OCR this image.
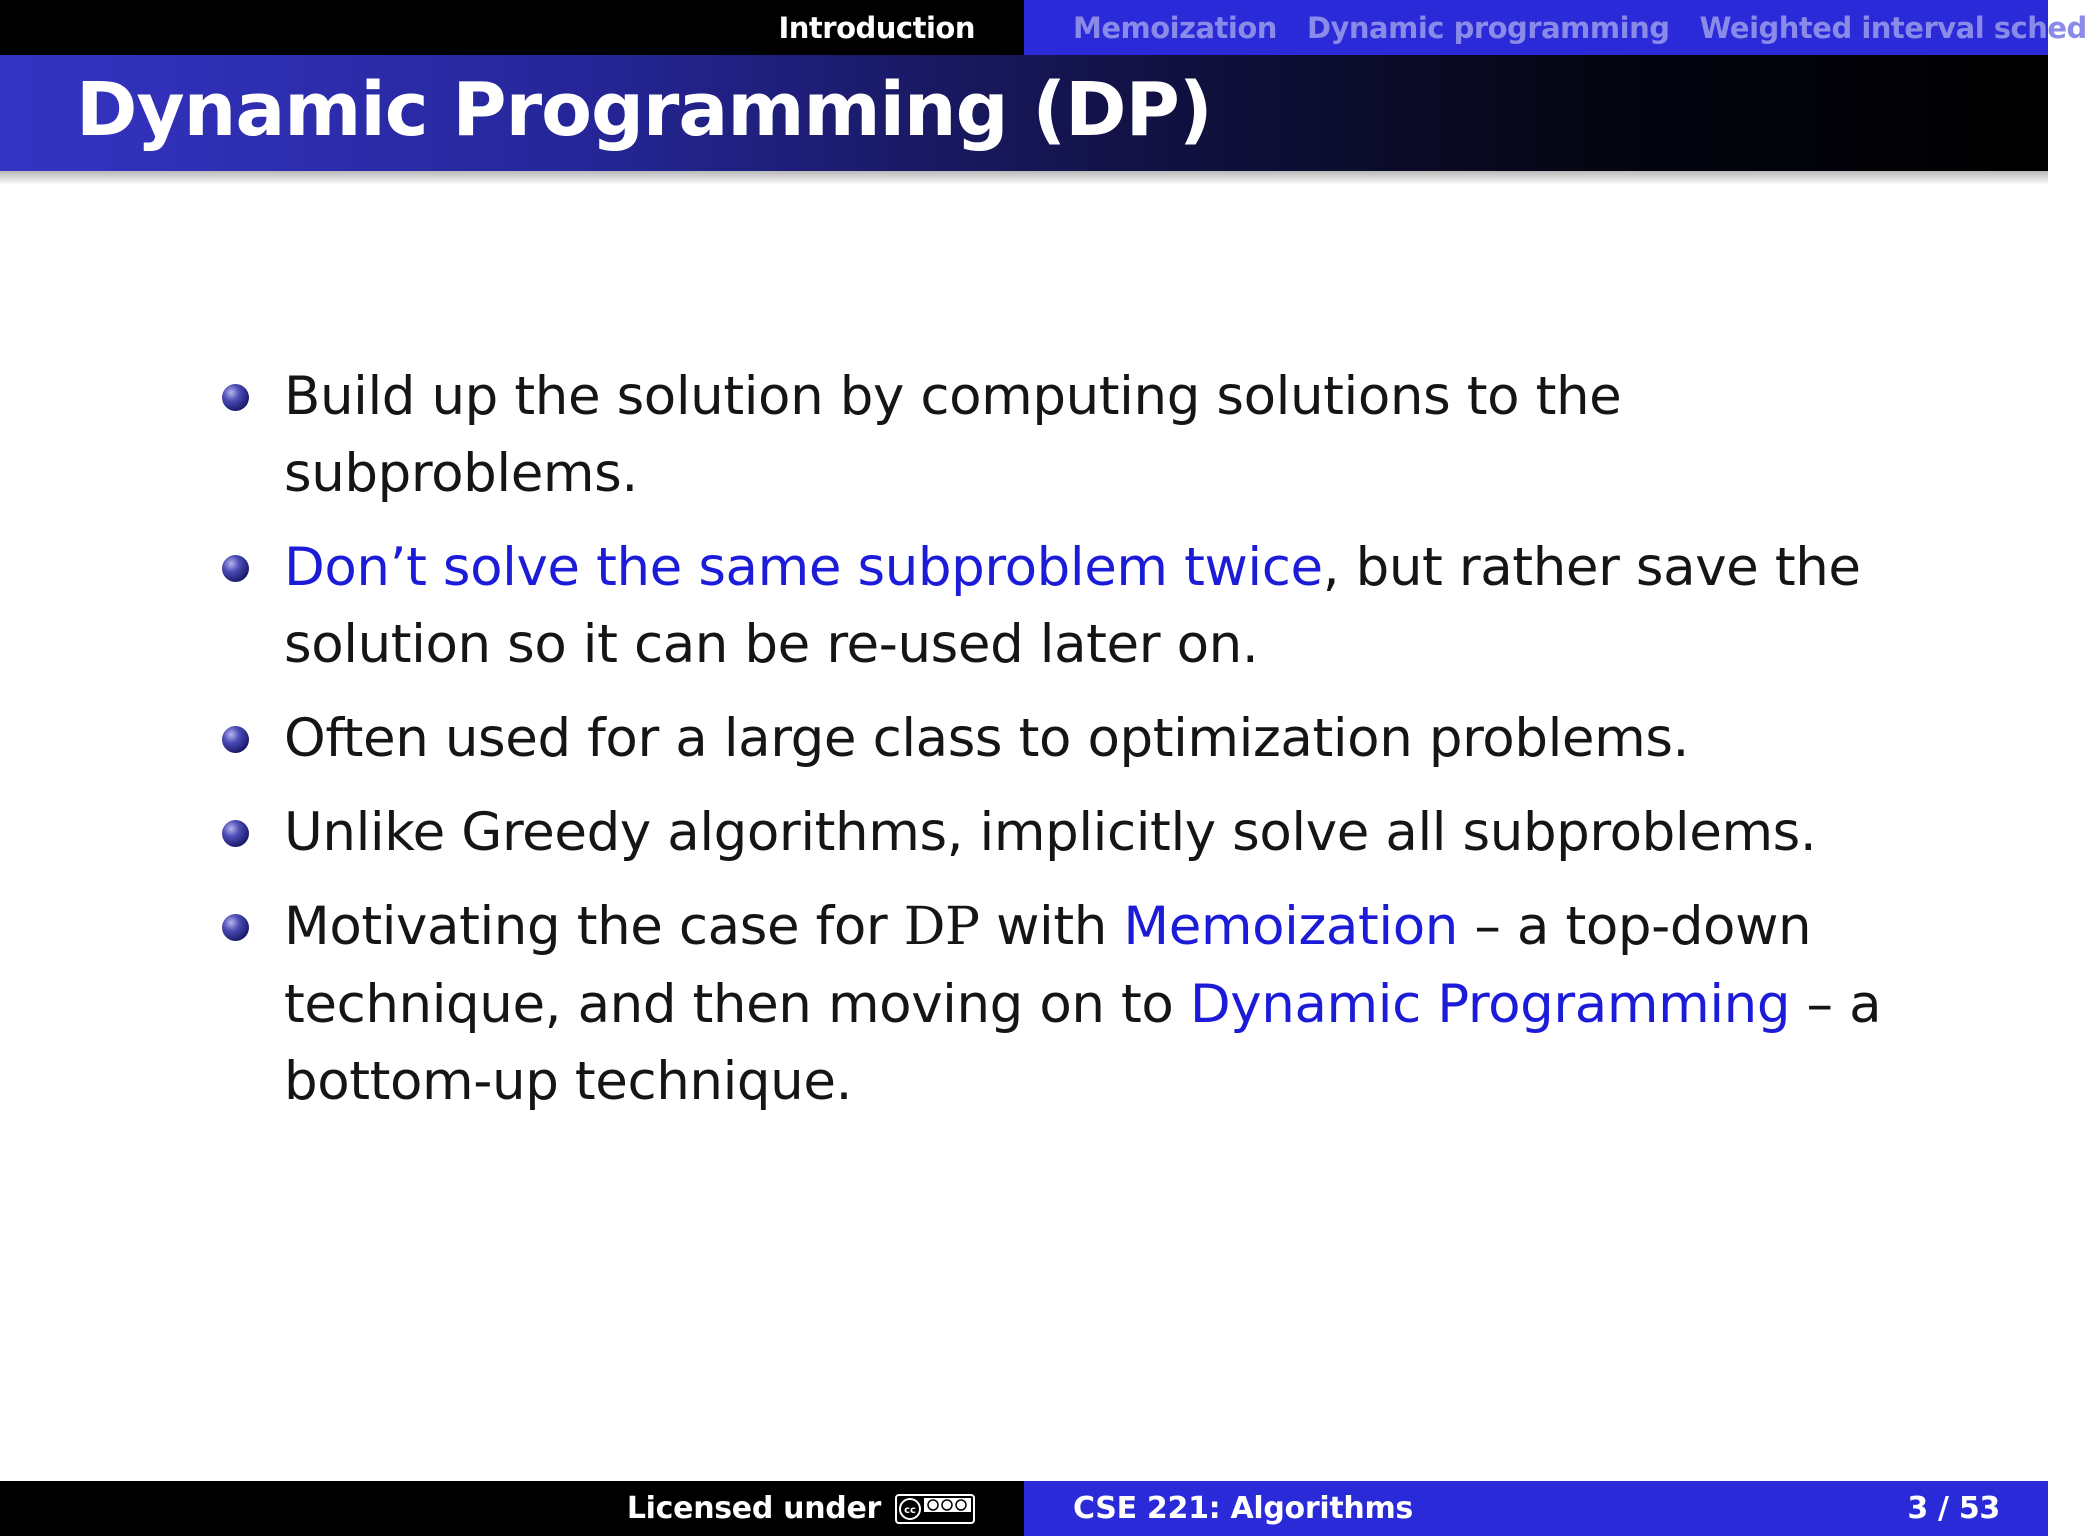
Introduction	Memoization Dynamic programming Weighted interval sched
Dynamic Programming (DP)
Build up the solution by computing solutions to the subproblems.
Don’t solve the same subproblem twice, but rather save the solution so it can be re-used later on.
Often used for a large class to optimization problems.
Unlike Greedy algorithms, implicitly solve all subproblems.
Motivating the case for DP with Memoization – a top-down technique, and then moving on to Dynamic Programming – a bottom-up technique.
Licensed under cc	CSE 221: Algorithms	3 / 53
